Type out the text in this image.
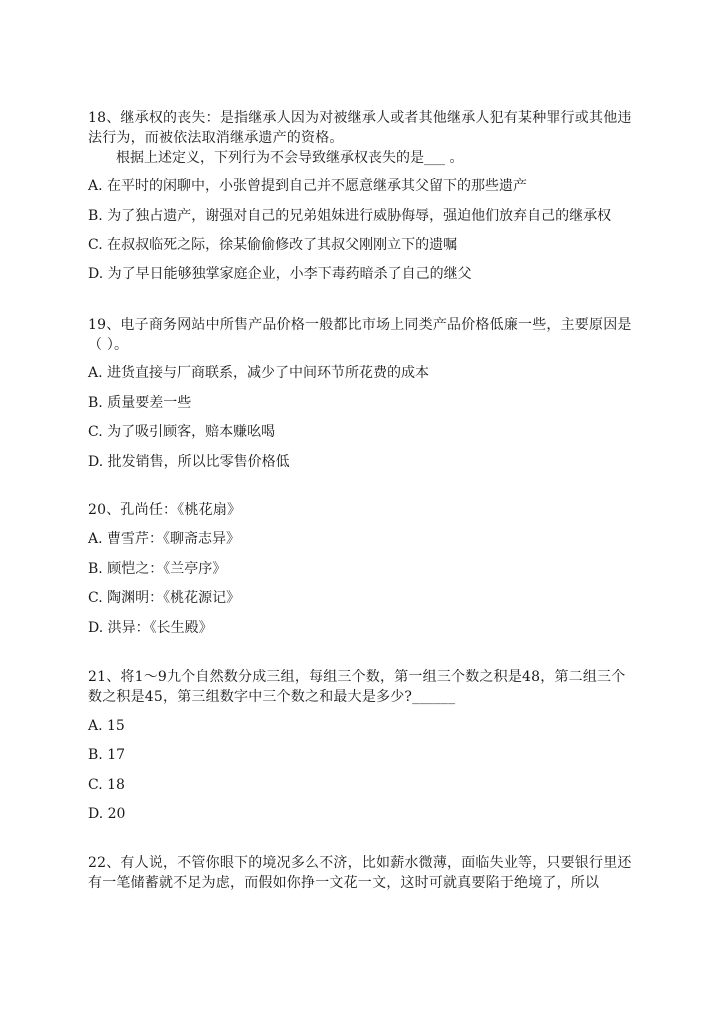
18、继承权的丧失：是指继承人因为对被继承人或者其他继承人犯有某种罪行或其他违法行为，而被依法取消继承遗产的资格。

根据上述定义，下列行为不会导致继承权丧失的是___ 。

A. 在平时的闲聊中，小张曾提到自己并不愿意继承其父留下的那些遗产
B. 为了独占遗产，谢强对自己的兄弟姐妹进行威胁侮辱，强迫他们放弃自己的继承权
C. 在叔叔临死之际，徐某偷偷修改了其叔父刚刚立下的遗嘱
D. 为了早日能够独掌家庭企业，小李下毒药暗杀了自己的继父

19、电子商务网站中所售产品价格一般都比市场上同类产品价格低廉一些，主要原因是（ ）。

A. 进货直接与厂商联系，减少了中间环节所花费的成本
B. 质量要差一些
C. 为了吸引顾客，赔本赚吆喝
D. 批发销售，所以比零售价格低

20、孔尚任：《桃花扇》

A. 曹雪芹：《聊斋志异》
B. 顾恺之：《兰亭序》
C. 陶渊明：《桃花源记》
D. 洪异：《长生殿》

21、将1～9九个自然数分成三组，每组三个数，第一组三个数之积是48，第二组三个数之积是45，第三组数字中三个数之和最大是多少?______

A. 15
B. 17
C. 18
D. 20

22、有人说，不管你眼下的境况多么不济，比如薪水微薄，面临失业等，只要银行里还有一笔储蓄就不足为虑，而假如你挣一文花一文，这时可就真要陷于绝境了，所以
